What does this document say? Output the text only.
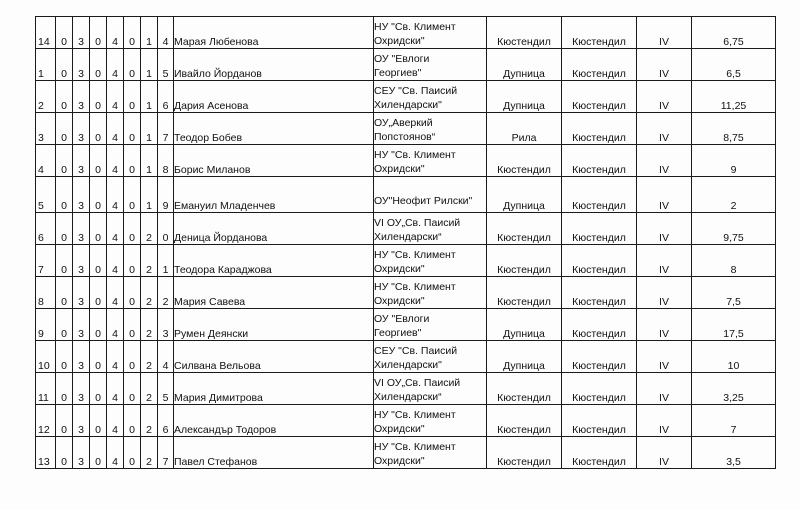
14	0	3	0	4	0	1	4	Марая Любенова	НУ "Св. Климент
Охридски"	Кюстендил	Кюстендил	IV	6,75
1	0	3	0	4	0	1	5	Ивайло Йорданов	ОУ "Евлоги
Георгиев"	Дупница	Кюстендил	IV	6,5
2	0	3	0	4	0	1	6	Дария Асенова	СЕУ "Св. Паисий
Хилендарски"	Дупница	Кюстендил	IV	11,25
3	0	3	0	4	0	1	7	Теодор Бобев	ОУ„Аверкий
Попстоянов“	Рила	Кюстендил	IV	8,75
4	0	3	0	4	0	1	8	Борис Миланов	НУ "Св. Климент
Охридски"	Кюстендил	Кюстендил	IV	9
5	0	3	0	4	0	1	9	Емануил Младенчев	ОУ"Неофит Рилски"	Дупница	Кюстендил	IV	2
6	0	3	0	4	0	2	0	Деница Йорданова	VI ОУ„Св. Паисий
Хилендарски“	Кюстендил	Кюстендил	IV	9,75
7	0	3	0	4	0	2	1	Теодора Караджова	НУ "Св. Климент
Охридски"	Кюстендил	Кюстендил	IV	8
8	0	3	0	4	0	2	2	Мария Савева	НУ "Св. Климент
Охридски"	Кюстендил	Кюстендил	IV	7,5
9	0	3	0	4	0	2	3	Румен Деянски	ОУ "Евлоги
Георгиев"	Дупница	Кюстендил	IV	17,5
10	0	3	0	4	0	2	4	Силвана Вельова	СЕУ "Св. Паисий
Хилендарски"	Дупница	Кюстендил	IV	10
11	0	3	0	4	0	2	5	Мария Димитрова	VI ОУ„Св. Паисий
Хилендарски“	Кюстендил	Кюстендил	IV	3,25
12	0	3	0	4	0	2	6	Александър Тодоров	НУ "Св. Климент
Охридски"	Кюстендил	Кюстендил	IV	7
13	0	3	0	4	0	2	7	Павел Стефанов	НУ "Св. Климент
Охридски"	Кюстендил	Кюстендил	IV	3,5
